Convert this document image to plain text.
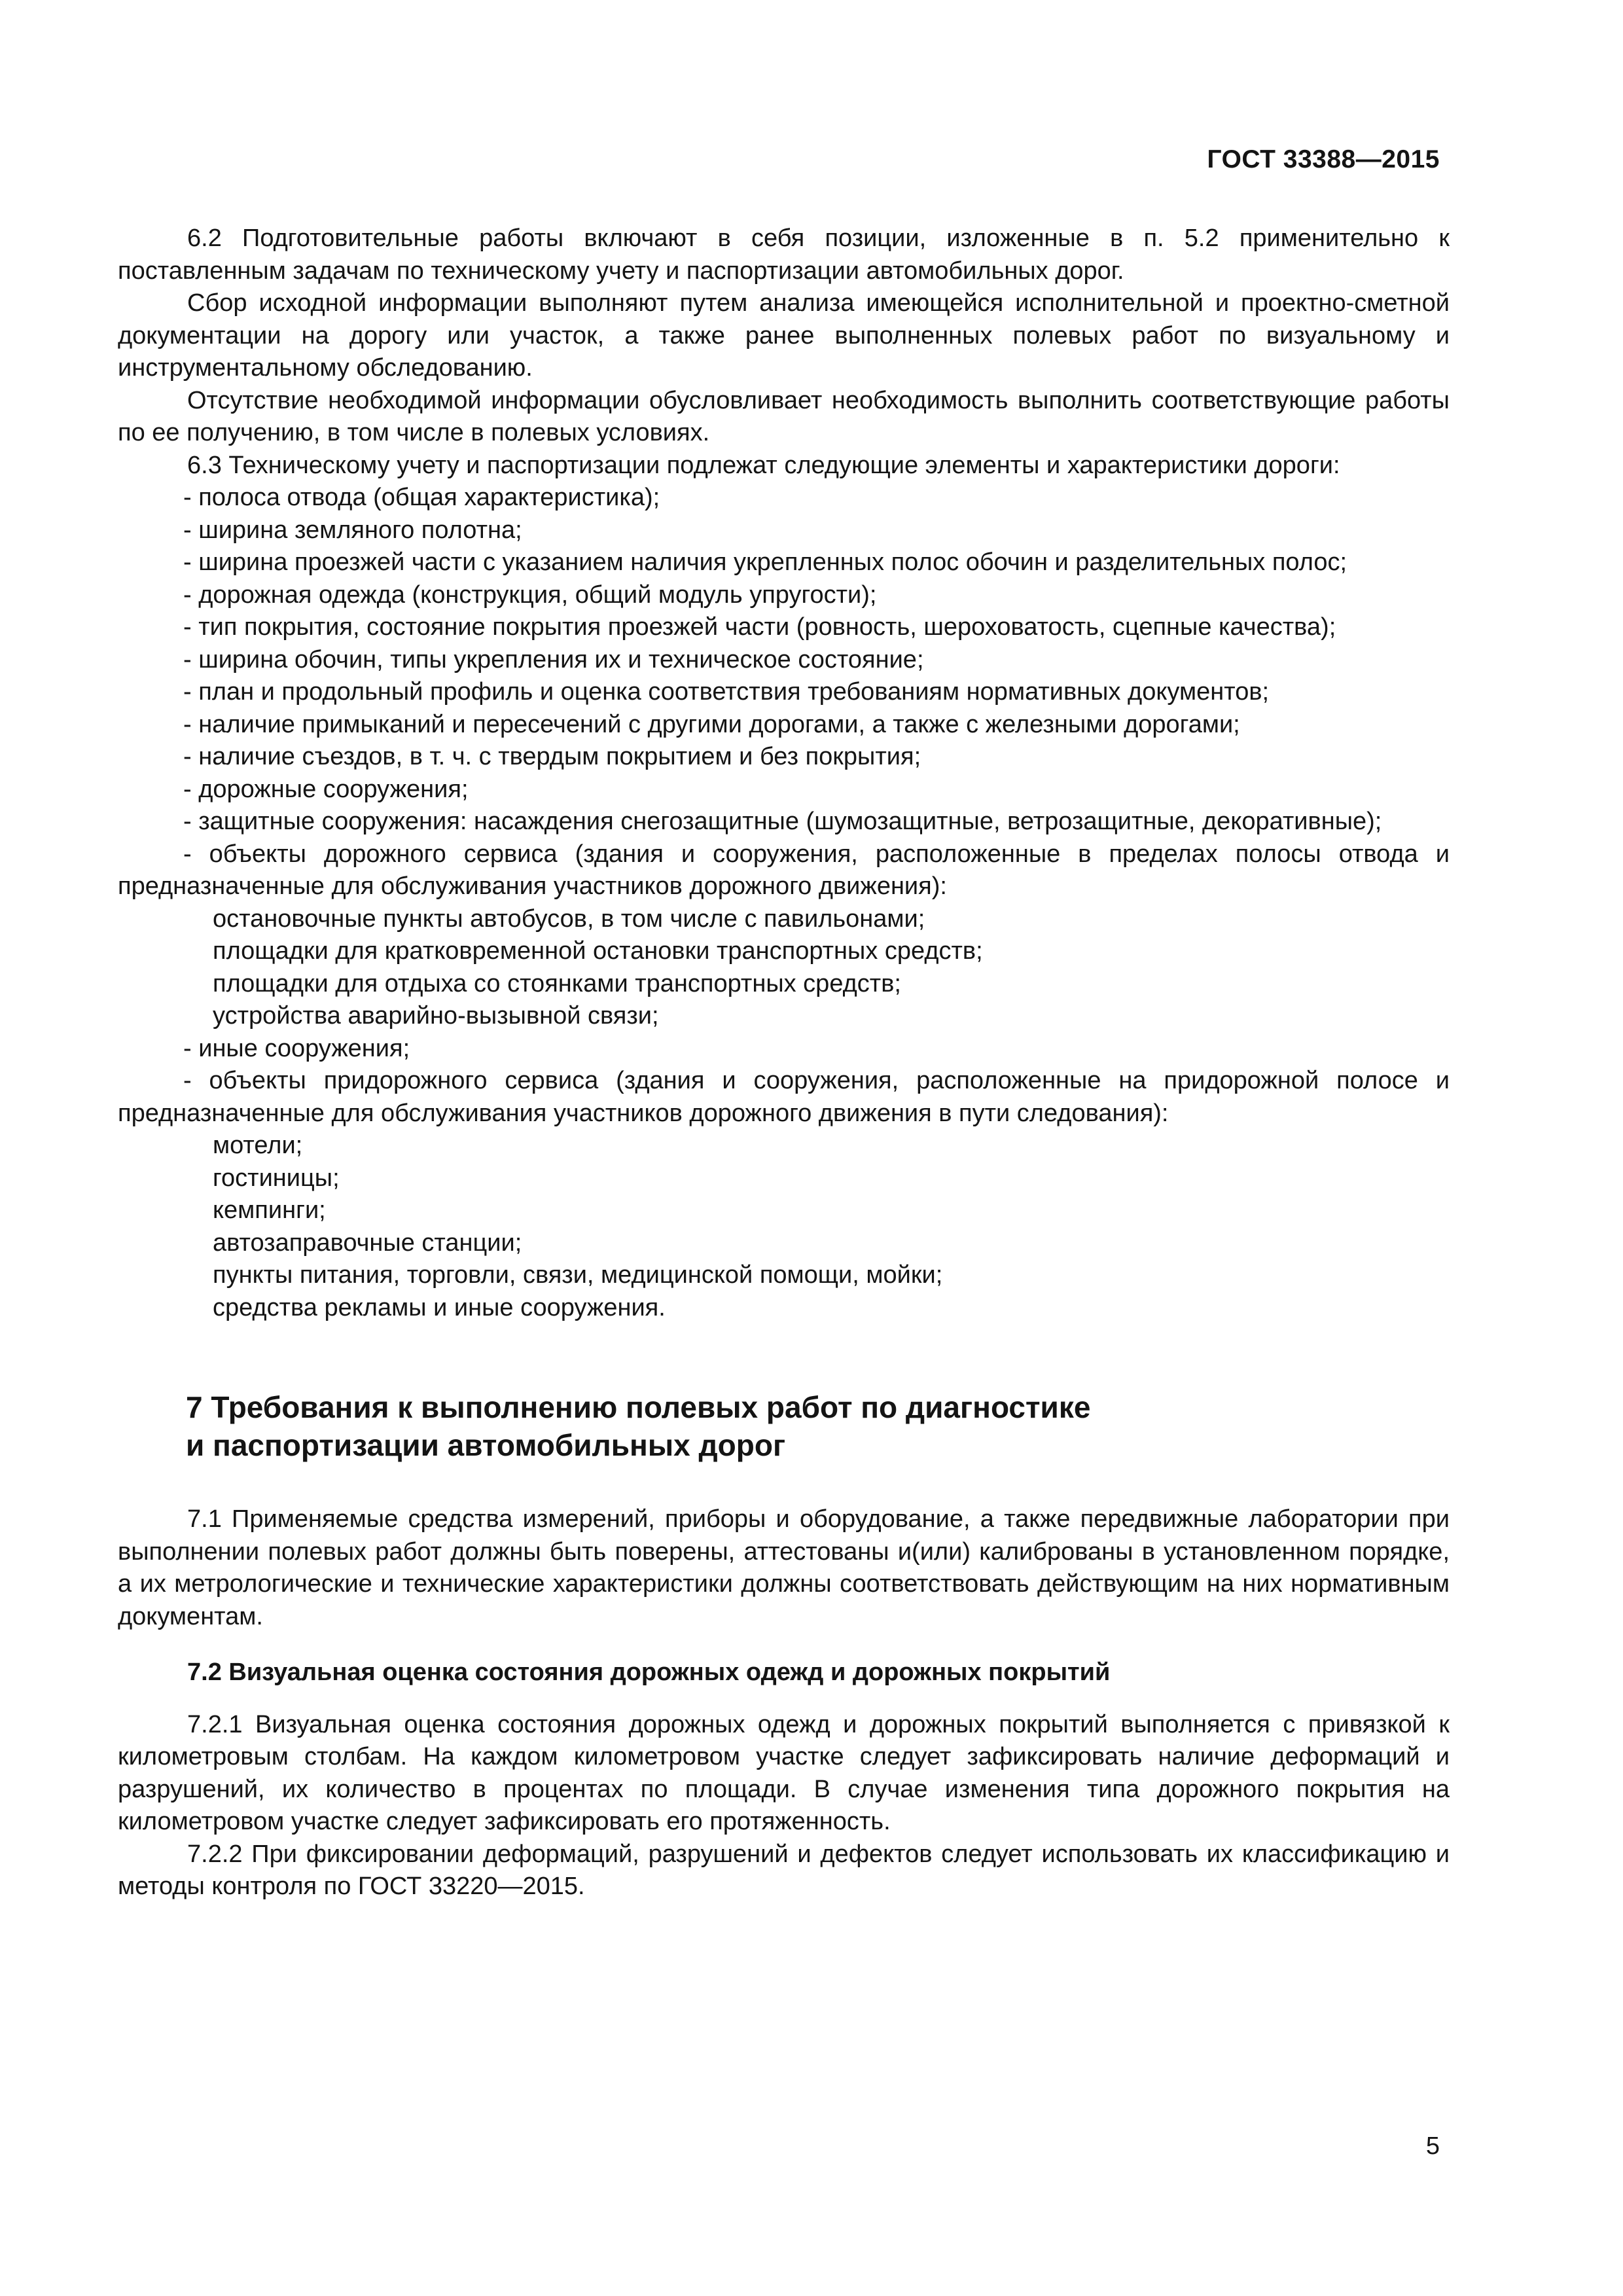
ГОСТ 33388—2015

6.2 Подготовительные работы включают в себя позиции, изложенные в п. 5.2 применительно к поставленным задачам по техническому учету и паспортизации автомобильных дорог.

Сбор исходной информации выполняют путем анализа имеющейся исполнительной и проектно-сметной документации на дорогу или участок, а также ранее выполненных полевых работ по визуальному и инструментальному обследованию.

Отсутствие необходимой информации обусловливает необходимость выполнить соответствующие работы по ее получению, в том числе в полевых условиях.

6.3 Техническому учету и паспортизации подлежат следующие элементы и характеристики дороги:

- полоса отвода (общая характеристика);

- ширина земляного полотна;

- ширина проезжей части с указанием наличия укрепленных полос обочин и разделительных полос;

- дорожная одежда (конструкция, общий модуль упругости);

- тип покрытия, состояние покрытия проезжей части (ровность, шероховатость, сцепные качества);

- ширина обочин, типы укрепления их и техническое состояние;

- план и продольный профиль и оценка соответствия требованиям нормативных документов;

- наличие примыканий и пересечений с другими дорогами, а также с железными дорогами;

- наличие съездов, в т. ч. с твердым покрытием и без покрытия;

- дорожные сооружения;

- защитные сооружения: насаждения снегозащитные (шумозащитные, ветрозащитные, декоративные);

- объекты дорожного сервиса (здания и сооружения, расположенные в пределах полосы отвода и предназначенные для обслуживания участников дорожного движения):

остановочные пункты автобусов, в том числе с павильонами;

площадки для кратковременной остановки транспортных средств;

площадки для отдыха со стоянками транспортных средств;

устройства аварийно-вызывной связи;

- иные сооружения;

- объекты придорожного сервиса (здания и сооружения, расположенные на придорожной полосе и предназначенные для обслуживания участников дорожного движения в пути следования):

мотели;

гостиницы;

кемпинги;

автозаправочные станции;

пункты питания, торговли, связи, медицинской помощи, мойки;

средства рекламы и иные сооружения.

7 Требования к выполнению полевых работ по диагностике
и паспортизации автомобильных дорог

7.1 Применяемые средства измерений, приборы и оборудование, а также передвижные лаборатории при выполнении полевых работ должны быть поверены, аттестованы и(или) калиброваны в установленном порядке, а их метрологические и технические характеристики должны соответствовать действующим на них нормативным документам.

7.2 Визуальная оценка состояния дорожных одежд и дорожных покрытий

7.2.1 Визуальная оценка состояния дорожных одежд и дорожных покрытий выполняется с привязкой к километровым столбам. На каждом километровом участке следует зафиксировать наличие деформаций и разрушений, их количество в процентах по площади. В случае изменения типа дорожного покрытия на километровом участке следует зафиксировать его протяженность.

7.2.2 При фиксировании деформаций, разрушений и дефектов следует использовать их классификацию и методы контроля по ГОСТ 33220—2015.

5
